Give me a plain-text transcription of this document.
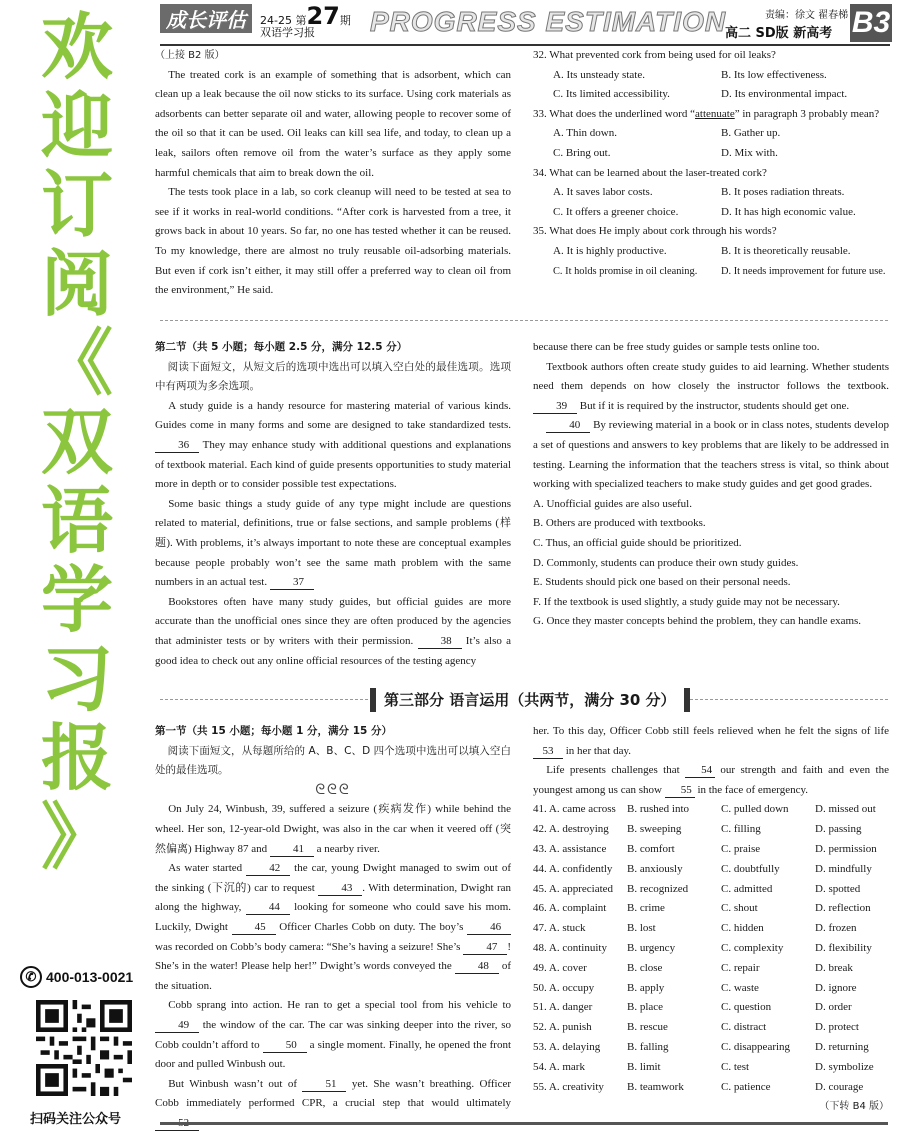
欢
迎
订
阅
《
双
语
学
习
报
》
✆ 400-013-0021
扫码关注公众号
成长评估	24-25 第27期
双语学习报 PROGRESS ESTIMATION	责编：徐文 翟春梯
高二 SD版 新高考 B3

（上接 B2 版）

The treated cork is an example of something that is adsorbent, which can clean up a leak because the oil now sticks to its surface. Using cork materials as adsorbents can better separate oil and water, allowing people to recover some of the oil so that it can be used. Oil leaks can kill sea life, and today, to clean up a leak, sailors often remove oil from the water’s surface as they apply some harmful chemicals that aim to break down the oil.

The tests took place in a lab, so cork cleanup will need to be tested at sea to see if it works in real-world conditions. “After cork is harvested from a tree, it grows back in about 10 years. So far, no one has tested whether it can be reused. To my knowledge, there are almost no truly reusable oil-adsorbing materials. But even if cork isn’t either, it may still offer a preferred way to clean oil from the environment,” He said.

32. What prevented cork from being used for oil leaks?

A. Its unsteady state.	B. Its low effectiveness.
C. Its limited accessibility.	D. Its environmental impact.

33. What does the underlined word “attenuate” in paragraph 3 probably mean?

A. Thin down.	B. Gather up.
C. Bring out.	D. Mix with.

34. What can be learned about the laser-treated cork?

A. It saves labor costs.	B. It poses radiation threats.
C. It offers a greener choice.	D. It has high economic value.

35. What does He imply about cork through his words?

A. It is highly productive.	B. It is theoretically reusable.
C. It holds promise in oil cleaning.	D. It needs improvement for future use.

第二节（共 5 小题；每小题 2.5 分，满分 12.5 分）

阅读下面短文，从短文后的选项中选出可以填入空白处的最佳选项。选项中有两项为多余选项。

A study guide is a handy resource for mastering material of various kinds. Guides come in many forms and some are designed to take standardized tests. 36 They may enhance study with additional questions and explanations of textbook material. Each kind of guide presents opportunities to study material more in depth or to consider possible test expectations.

Some basic things a study guide of any type might include are questions related to material, definitions, true or false sections, and sample problems (样题). With problems, it’s always important to note these are conceptual examples because people probably won’t see the same math problem with the same numbers in an actual test. 37

Bookstores often have many study guides, but official guides are more accurate than the unofficial ones since they are often produced by the agencies that administer tests or by writers with their permission. 38 It’s also a good idea to check out any online official resources of the testing agency

because there can be free study guides or sample tests online too.

Textbook authors often create study guides to aid learning. Whether students need them depends on how closely the instructor follows the textbook. 39 But if it is required by the instructor, students should get one.

40 By reviewing material in a book or in class notes, students develop a set of questions and answers to key problems that are likely to be addressed in testing. Learning the information that the teachers stress is vital, so think about working with specialized teachers to make study guides and get good grades.

A. Unofficial guides are also useful.

B. Others are produced with textbooks.

C. Thus, an official guide should be prioritized.

D. Commonly, students can produce their own study guides.

E. Students should pick one based on their personal needs.

F. If the textbook is used slightly, a study guide may not be necessary.

G. Once they master concepts behind the problem, they can handle exams.

第三部分 语言运用（共两节，满分 30 分）

第一节（共 15 小题；每小题 1 分，满分 15 分）

阅读下面短文，从每题所给的 A、B、C、D 四个选项中选出可以填入空白处的最佳选项。

ᘓᘓᘓ

On July 24, Winbush, 39, suffered a seizure (疾病发作) while behind the wheel. Her son, 12-year-old Dwight, was also in the car when it veered off (突然偏离) Highway 87 and 41 a nearby river.

As water started 42 the car, young Dwight managed to swim out of the sinking (下沉的) car to request 43 . With determination, Dwight ran along the highway, 44 looking for someone who could save his mom. Luckily, Dwight 45 Officer Charles Cobb on duty. The boy’s 46 was recorded on Cobb’s body camera: “She’s having a seizure! She’s 47 ! She’s in the water! Please help her!” Dwight’s words conveyed the 48 of the situation.

Cobb sprang into action. He ran to get a special tool from his vehicle to 49 the window of the car. The car was sinking deeper into the river, so Cobb couldn’t afford to 50 a single moment. Finally, he opened the front door and pulled Winbush out.

But Winbush wasn’t out of	51 yet. She wasn’t breathing. Officer Cobb immediately performed CPR, a crucial step that would ultimately 52

her. To this day, Officer Cobb still feels relieved when he felt the signs of life 53 in her that day.

Life presents challenges that 54 our strength and faith and even the youngest among us can show 55 in the face of emergency.

41. A. came across	B. rushed into	C. pulled down	D. missed out
42. A. destroying	B. sweeping	C. filling	D. passing
43. A. assistance	B. comfort	C. praise	D. permission
44. A. confidently	B. anxiously	C. doubtfully	D. mindfully
45. A. appreciated	B. recognized	C. admitted	D. spotted
46. A. complaint	B. crime	C. shout	D. reflection
47. A. stuck	B. lost	C. hidden	D. frozen
48. A. continuity	B. urgency	C. complexity	D. flexibility
49. A. cover	B. close	C. repair	D. break
50. A. occupy	B. apply	C. waste	D. ignore
51. A. danger	B. place	C. question	D. order
52. A. punish	B. rescue	C. distract	D. protect
53. A. delaying	B. falling	C. disappearing	D. returning
54. A. mark	B. limit	C. test	D. symbolize
55. A. creativity	B. teamwork	C. patience	D. courage

（下转 B4 版）
